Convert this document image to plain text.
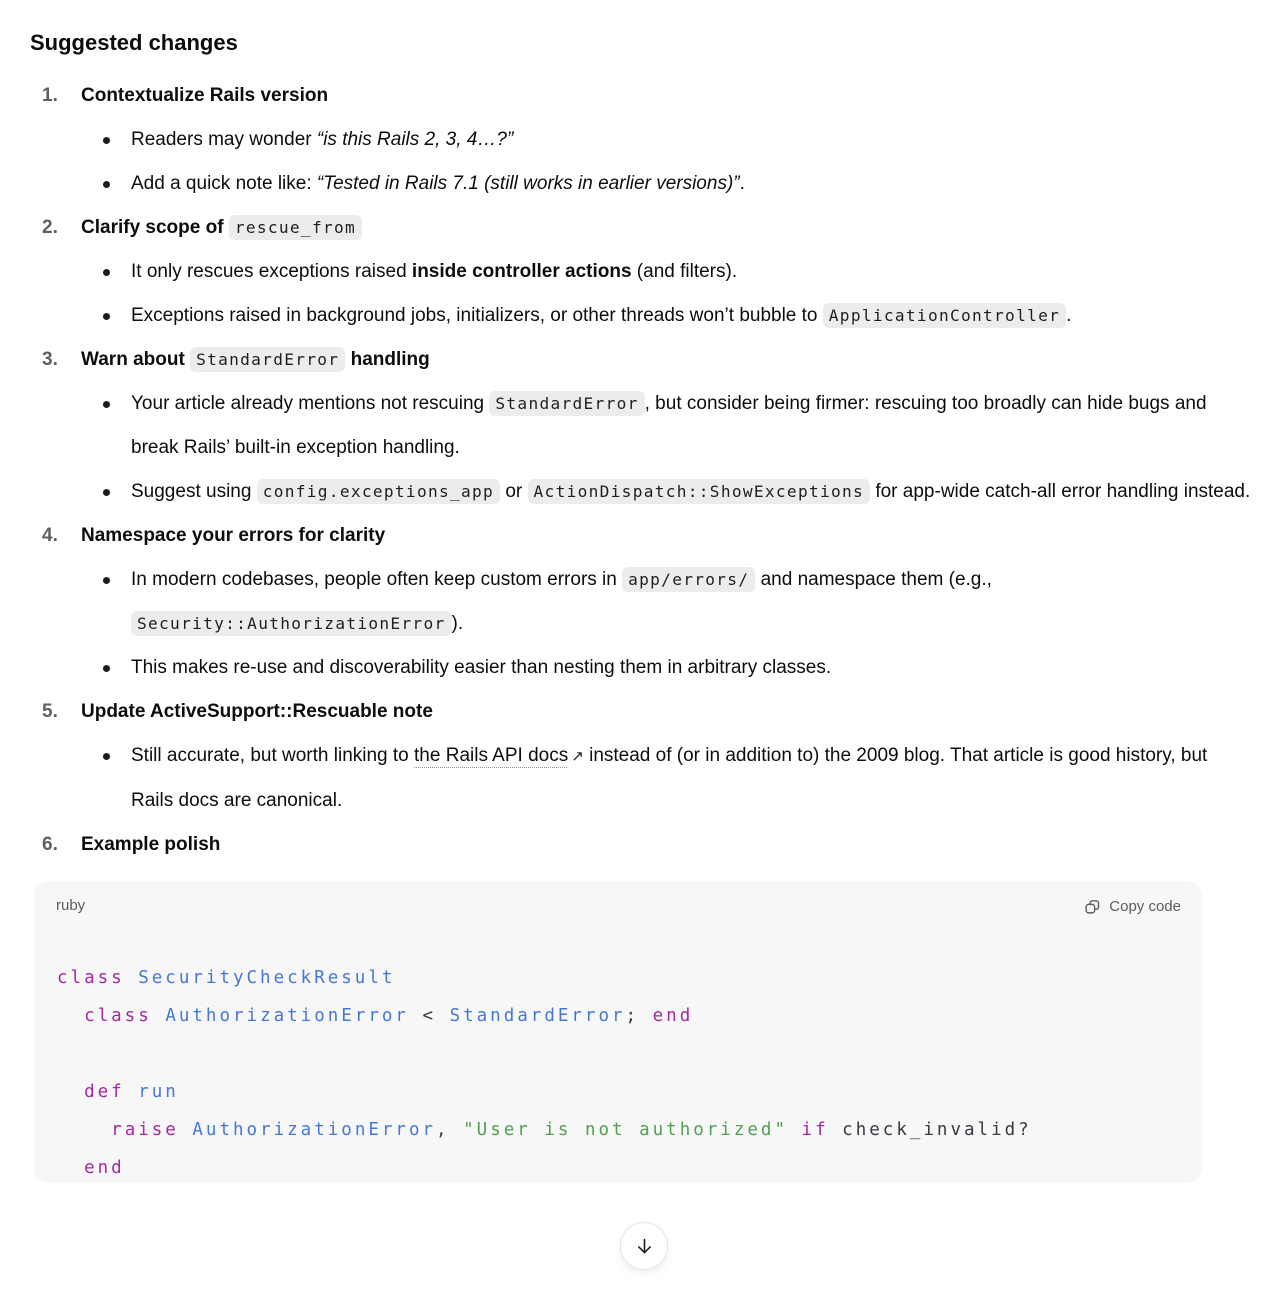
Suggested changes
1.	Contextualize Rails version
Readers may wonder “is this Rails 2, 3, 4…?”
Add a quick note like: “Tested in Rails 7.1 (still works in earlier versions)”.
2.	Clarify scope of rescue_from
It only rescues exceptions raised inside controller actions (and filters).
Exceptions raised in background jobs, initializers, or other threads won’t bubble to ApplicationController .
3.	Warn about StandardError handling
Your article already mentions not rescuing StandardError , but consider being firmer: rescuing too broadly can hide bugs and break Rails’ built-in exception handling.
Suggest using config.exceptions_app or ActionDispatch::ShowExceptions for app-wide catch-all error handling instead.
4.	Namespace your errors for clarity
In modern codebases, people often keep custom errors in app/errors/ and namespace them (e.g., Security::AuthorizationError ).
This makes re-use and discoverability easier than nesting them in arbitrary classes.
5.	Update ActiveSupport::Rescuable note
Still accurate, but worth linking to the Rails API docs ↗ instead of (or in addition to) the 2009 blog. That article is good history, but Rails docs are canonical.
6.	Example polish
ruby	Copy code
class SecurityCheckResult
class AuthorizationError < StandardError; end

def run
raise AuthorizationError, "User is not authorized" if check_invalid?
end
